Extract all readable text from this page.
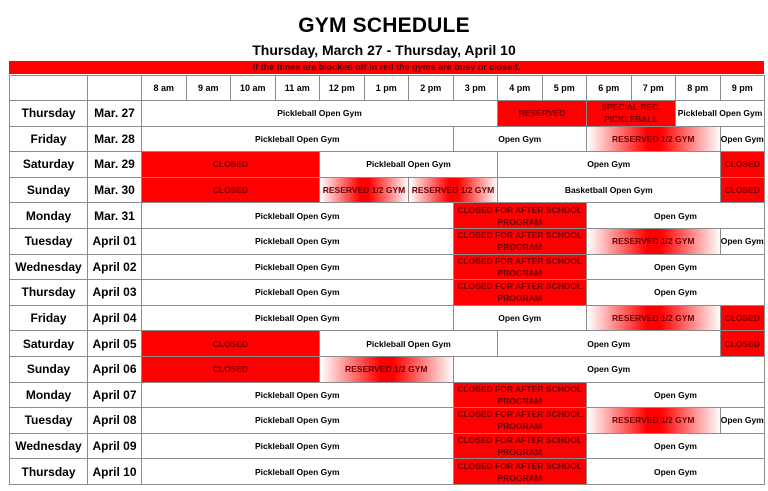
GYM SCHEDULE
Thursday, March 27 - Thursday, April 10
If the times are blocked off in red the gyms are busy or closed.
		8 am	9 am	10 am	11 am	12 pm	1 pm	2 pm	3 pm	4 pm	5 pm	6 pm	7 pm	8 pm	9 pm
Thursday	Mar. 27	Pickleball Open Gym								RESERVED		SPECIAL REC. PICKLEBALL		Pickleball Open Gym	
Friday	Mar. 28	Pickleball Open Gym							Open Gym			RESERVED 1/2 GYM			Open Gym
Saturday	Mar. 29	CLOSED				Pickleball Open Gym				Open Gym					CLOSED
Sunday	Mar. 30	CLOSED				RESERVED 1/2 GYM		RESERVED 1/2 GYM		Basketball Open Gym					CLOSED
Monday	Mar. 31	Pickleball Open Gym							CLOSED FOR AFTER SCHOOL PROGRAM			Open Gym			
Tuesday	April 01	Pickleball Open Gym							CLOSED FOR AFTER SCHOOL PROGRAM			RESERVED 1/2 GYM			Open Gym
Wednesday	April 02	Pickleball Open Gym							CLOSED FOR AFTER SCHOOL PROGRAM			Open Gym			
Thursday	April 03	Pickleball Open Gym							CLOSED FOR AFTER SCHOOL PROGRAM			Open Gym			
Friday	April 04	Pickleball Open Gym							Open Gym			RESERVED 1/2 GYM			CLOSED
Saturday	April 05	CLOSED				Pickleball Open Gym				Open Gym					CLOSED
Sunday	April 06	CLOSED				RESERVED 1/2 GYM			Open Gym						
Monday	April 07	Pickleball Open Gym							CLOSED FOR AFTER SCHOOL PROGRAM			Open Gym			
Tuesday	April 08	Pickleball Open Gym							CLOSED FOR AFTER SCHOOL PROGRAM			RESERVED 1/2 GYM			Open Gym
Wednesday	April 09	Pickleball Open Gym							CLOSED FOR AFTER SCHOOL PROGRAM			Open Gym			
Thursday	April 10	Pickleball Open Gym							CLOSED FOR AFTER SCHOOL PROGRAM			Open Gym			
